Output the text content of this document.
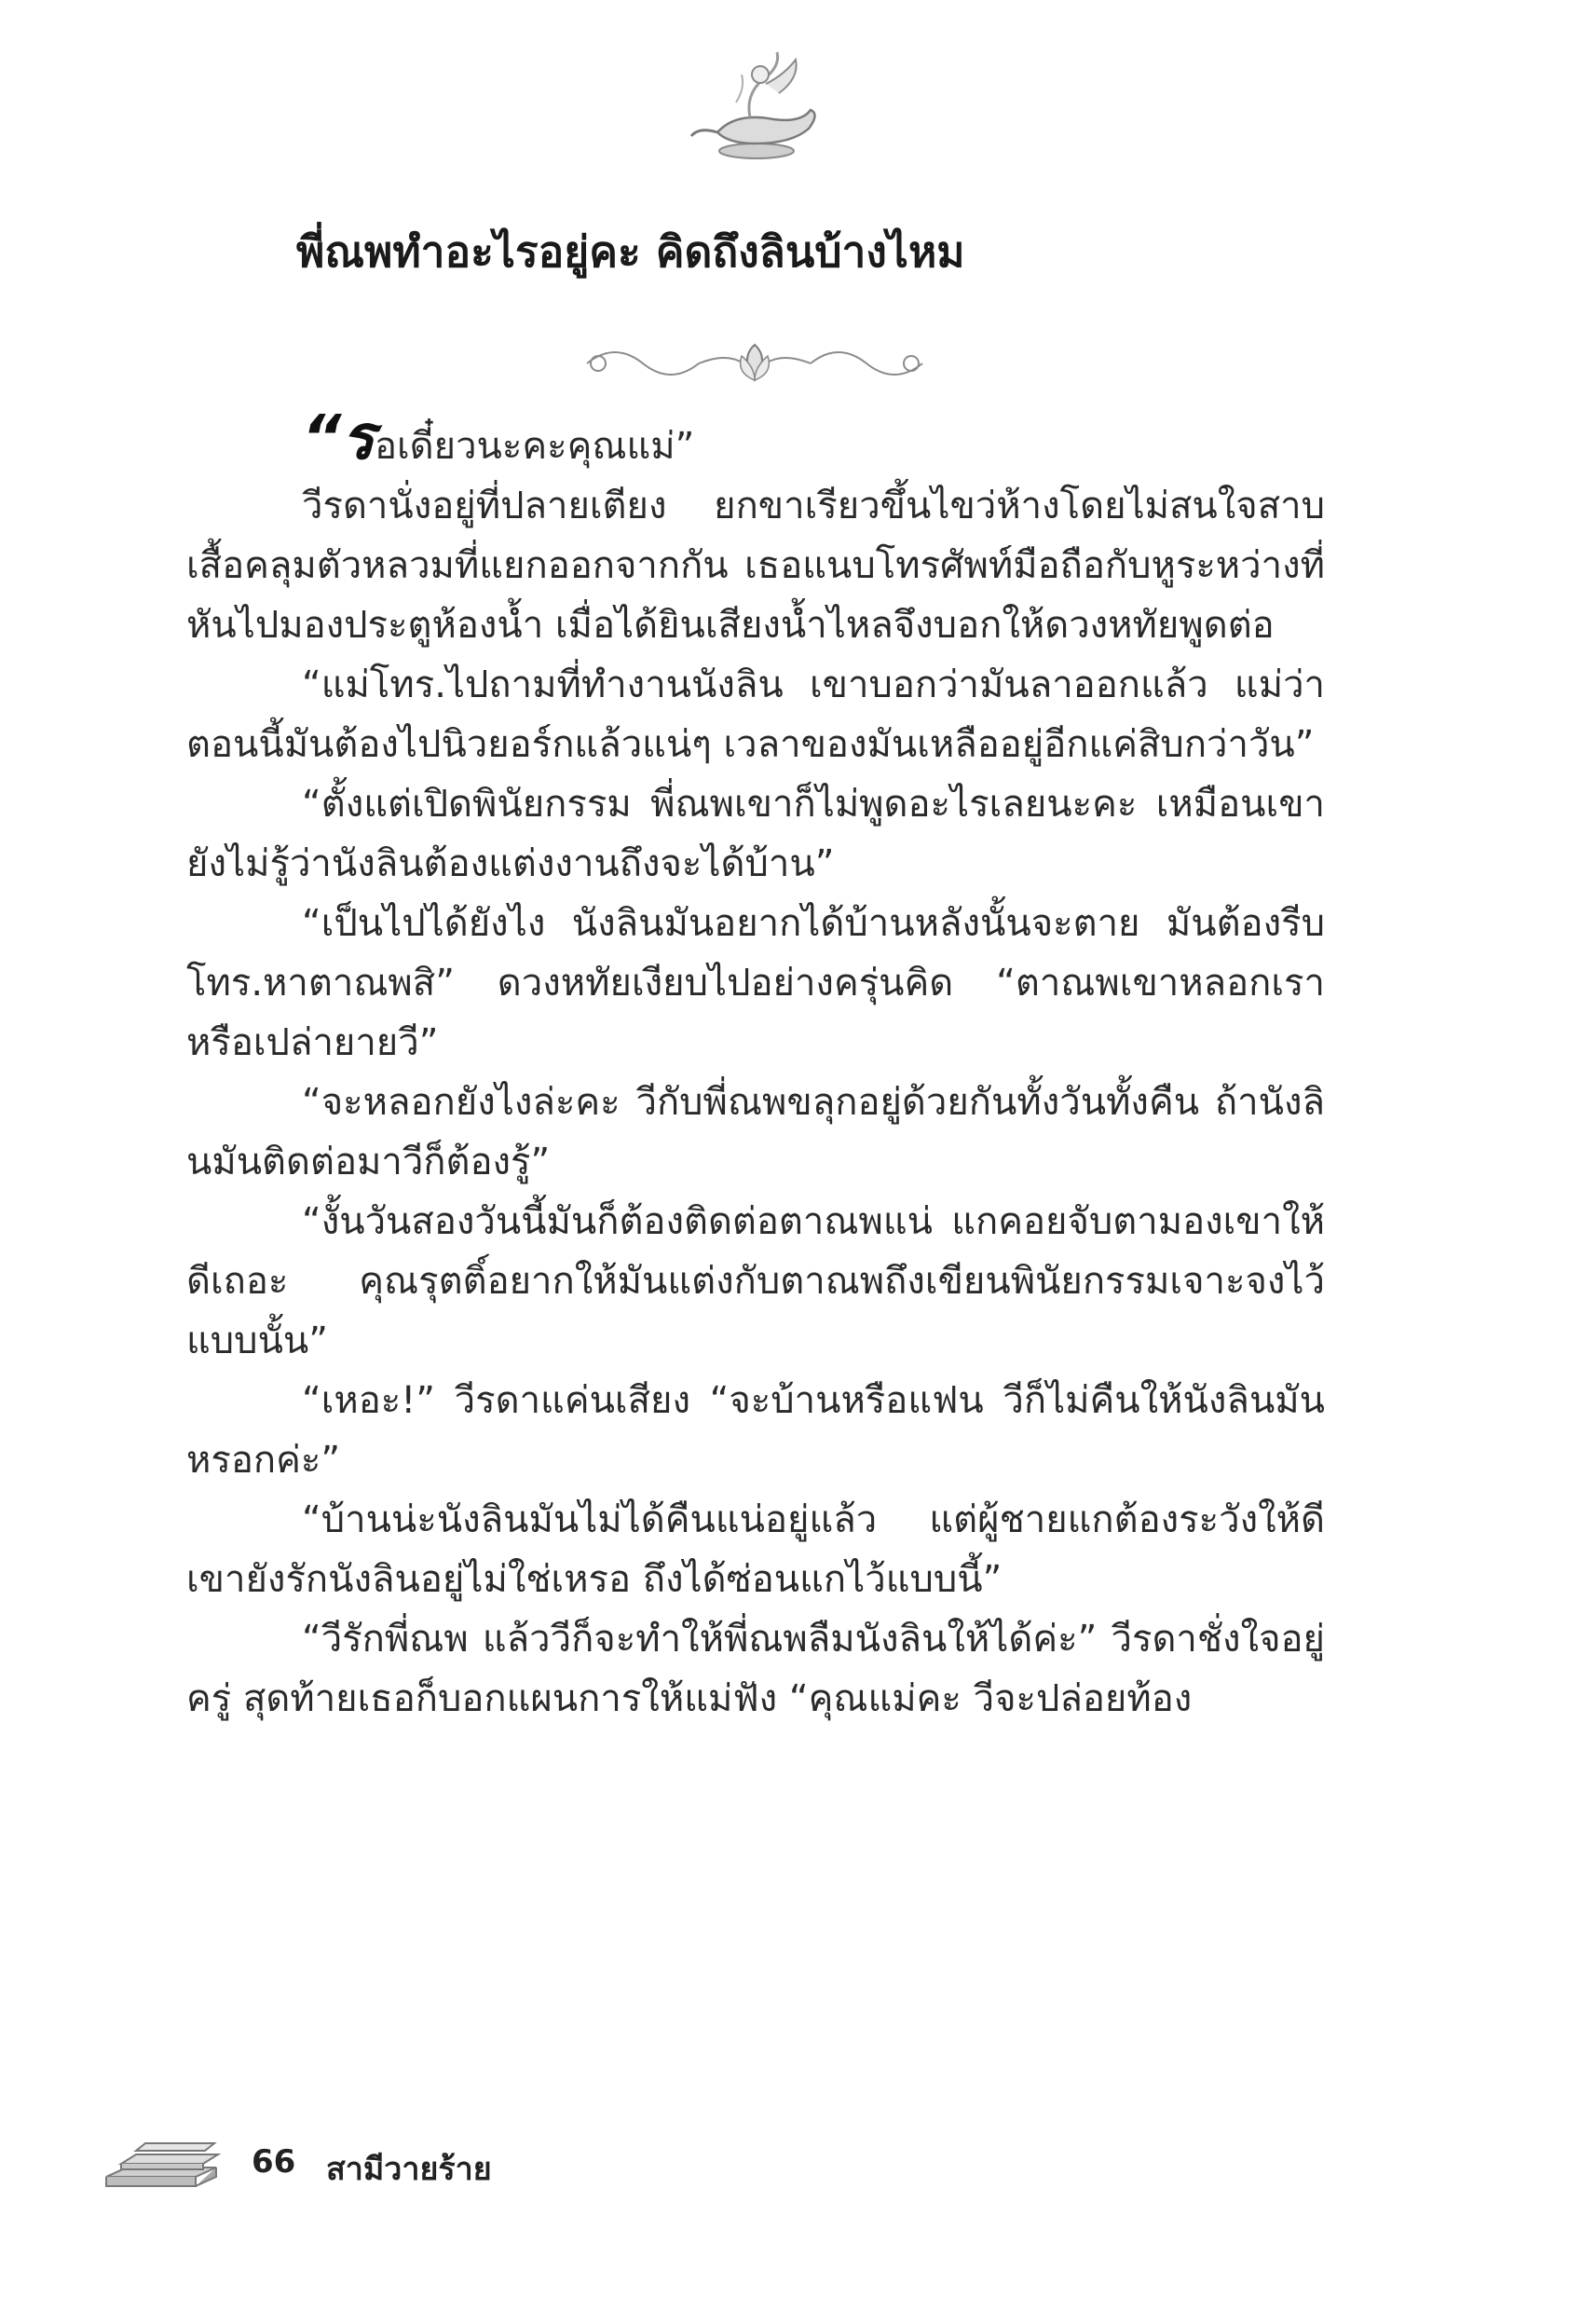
พี่ณพทำอะไรอยู่คะ คิดถึงลินบ้างไหม

“รอเดี๋ยวนะคะคุณแม่”

วีรดานั่งอยู่ที่ปลายเตียง ยกขาเรียวขึ้นไขว่ห้างโดยไม่สนใจสาบเสื้อคลุมตัวหลวมที่แยกออกจากกัน เธอแนบโทรศัพท์มือถือกับหูระหว่างที่หันไปมองประตูห้องน้ำ เมื่อได้ยินเสียงน้ำไหลจึงบอกให้ดวงหทัยพูดต่อ

“แม่โทร.ไปถามที่ทำงานนังลิน เขาบอกว่ามันลาออกแล้ว แม่ว่าตอนนี้มันต้องไปนิวยอร์กแล้วแน่ๆ เวลาของมันเหลืออยู่อีกแค่สิบกว่าวัน”

“ตั้งแต่เปิดพินัยกรรม พี่ณพเขาก็ไม่พูดอะไรเลยนะคะ เหมือนเขายังไม่รู้ว่านังลินต้องแต่งงานถึงจะได้บ้าน”

“เป็นไปได้ยังไง นังลินมันอยากได้บ้านหลังนั้นจะตาย มันต้องรีบโทร.หาตาณพสิ” ดวงหทัยเงียบไปอย่างครุ่นคิด “ตาณพเขาหลอกเราหรือเปล่ายายวี”

“จะหลอกยังไงล่ะคะ วีกับพี่ณพขลุกอยู่ด้วยกันทั้งวันทั้งคืน ถ้านังลินมันติดต่อมาวีก็ต้องรู้”

“งั้นวันสองวันนี้มันก็ต้องติดต่อตาณพแน่ แกคอยจับตามองเขาให้ดีเถอะ คุณรุตติ์อยากให้มันแต่งกับตาณพถึงเขียนพินัยกรรมเจาะจงไว้แบบนั้น”

“เหอะ!” วีรดาแค่นเสียง “จะบ้านหรือแฟน วีก็ไม่คืนให้นังลินมันหรอกค่ะ”

“บ้านน่ะนังลินมันไม่ได้คืนแน่อยู่แล้ว แต่ผู้ชายแกต้องระวังให้ดีเขายังรักนังลินอยู่ไม่ใช่เหรอ ถึงได้ซ่อนแกไว้แบบนี้”

“วีรักพี่ณพ แล้ววีก็จะทำให้พี่ณพลืมนังลินให้ได้ค่ะ” วีรดาชั่งใจอยู่ครู่ สุดท้ายเธอก็บอกแผนการให้แม่ฟัง “คุณแม่คะ วีจะปล่อยท้อง

66 สามีวายร้าย
